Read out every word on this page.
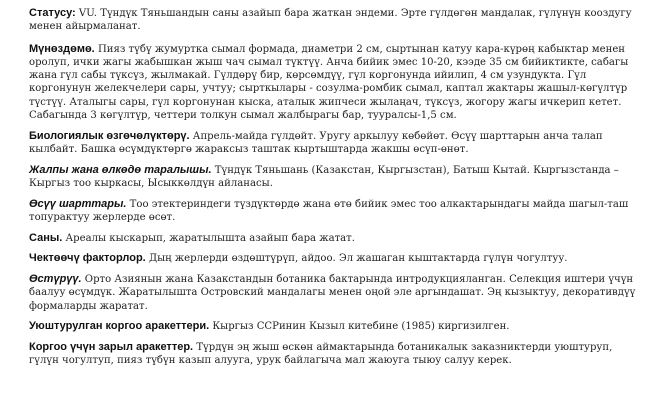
Статусу: VU. Түндүк Тяньшандын саны азайып бара жаткан эндеми. Эрте гүлдөгөн мандалак, гүлүнүн кооздугу менен айырмаланат.

Мүнөздөмө. Пияз түбү жумуртка сымал формада, диаметри 2 см, сыртынан катуу кара-күрөң кабыктар менен оролуп, ички жагы жабышкан жыш чач сымал түктүү. Анча бийик эмес 10-20, кээде 35 см бийиктикте, сабагы жана гүл сабы түксүз, жылмакай. Гүлдөрү бир, көрсөмдүү, гүл коргонунда ийилип, 4 см узундукта. Гүл коргонунун желекчелери сары, учтуу; сырткылары - созулма-ромбик сымал, каптал жактары жашыл-көгүлтүр түстүү. Аталыгы сары, гүл коргонунан кыска, аталык жипчеси жылаңач, түксүз, жогору жагы ичкерип кетет. Сабагында 3 көгүлтүр, четтери толкун сымал жалбырагы бар, тууралсы-1,5 см.

Биологиялык өзгөчөлүктөрү. Апрель-майда гүлдөйт. Уругу аркылуу көбөйөт. Өсүү шарттарын анча талап кылбайт. Башка өсүмдүктөргө жараксыз таштак кыртыштарда жакшы өсүп-өнөт.

Жалпы жана өлкөдө таралышы. Түндүк Тяньшань (Казакстан, Кыргызстан), Батыш Кытай. Кыргызстанда – Кыргыз тоо кыркасы, Ысыккөлдүн айланасы.

Өсүү шарттары. Тоо этектериндеги түздүктөрдө жана өтө бийик эмес тоо алкактарындагы майда шагыл-таш топурактуу жерлерде өсөт.

Саны. Ареалы кыскарып, жаратылышта азайып бара жатат.

Чектөөчү факторлор. Дың жерлерди өздөштүрүп, айдоо. Эл жашаган кыштактарда гүлүн чогултуу.

Өстүрүү. Орто Азиянын жана Казакстандын ботаника бактарында интродукцияланган. Селекция иштери үчүн баалуу өсүмдүк. Жаратылышта Островский мандалагы менен оңой эле аргындашат. Эң кызыктуу, декоративдүү формаларды жаратат.

Уюштурулган коргоо аракеттери. Кыргыз ССРинин Кызыл китебине (1985) киргизилген.

Коргоо үчүн зарыл аракеттер. Түрдүн эң жыш өскөн аймактарында ботаникалык заказниктерди уюштуруп, гүлүн чогултуп, пияз түбүн казып алууга, урук байлагыча мал жаюуга тыюу салуу керек.
